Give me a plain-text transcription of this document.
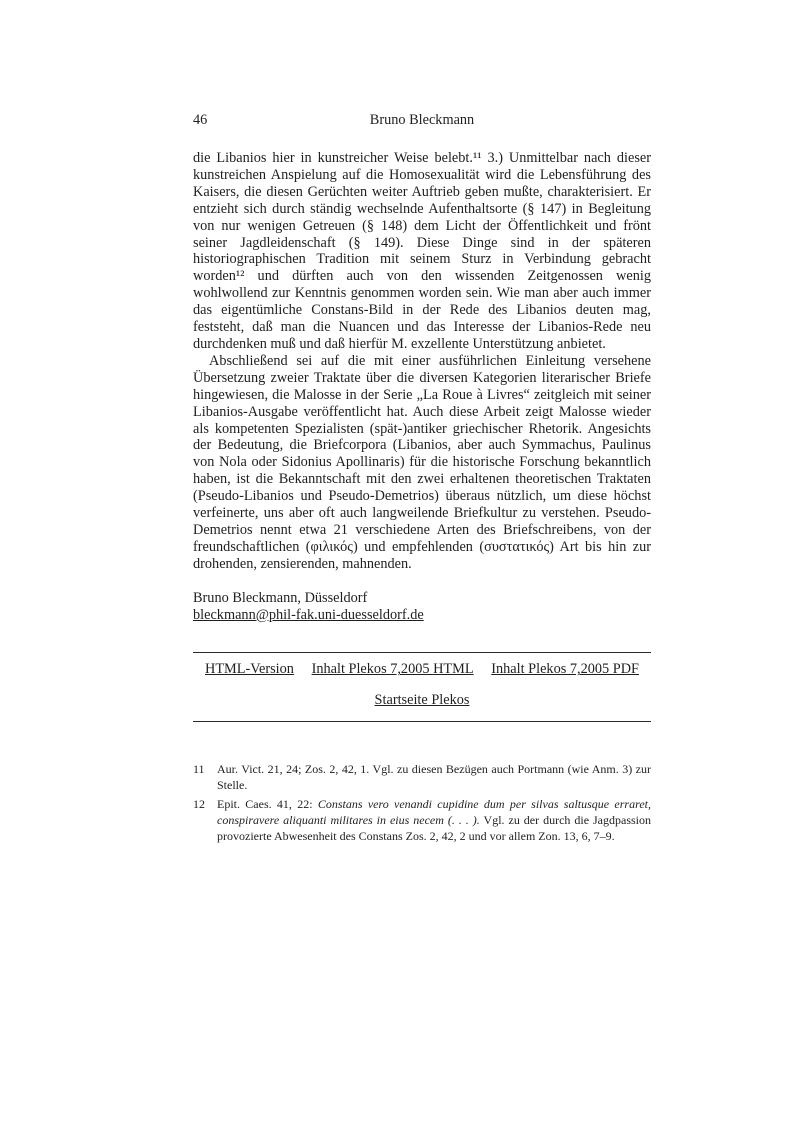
46	Bruno Bleckmann

die Libanios hier in kunstreicher Weise belebt.¹¹ 3.) Unmittelbar nach dieser kunstreichen Anspielung auf die Homosexualität wird die Lebensführung des Kaisers, die diesen Gerüchten weiter Auftrieb geben mußte, charakterisiert. Er entzieht sich durch ständig wechselnde Aufenthaltsorte (§ 147) in Begleitung von nur wenigen Getreuen (§ 148) dem Licht der Öffentlichkeit und frönt seiner Jagdleidenschaft (§ 149). Diese Dinge sind in der späteren historiographischen Tradition mit seinem Sturz in Verbindung gebracht worden¹² und dürften auch von den wissenden Zeitgenossen wenig wohlwollend zur Kenntnis genommen worden sein. Wie man aber auch immer das eigentümliche Constans-Bild in der Rede des Libanios deuten mag, feststeht, daß man die Nuancen und das Interesse der Libanios-Rede neu durchdenken muß und daß hierfür M. exzellente Unterstützung anbietet.

Abschließend sei auf die mit einer ausführlichen Einleitung versehene Übersetzung zweier Traktate über die diversen Kategorien literarischer Briefe hingewiesen, die Malosse in der Serie „La Roue à Livres“ zeitgleich mit seiner Libanios-Ausgabe veröffentlicht hat. Auch diese Arbeit zeigt Malosse wieder als kompetenten Spezialisten (spät-)antiker griechischer Rhetorik. Angesichts der Bedeutung, die Briefcorpora (Libanios, aber auch Symmachus, Paulinus von Nola oder Sidonius Apollinaris) für die historische Forschung bekanntlich haben, ist die Bekanntschaft mit den zwei erhaltenen theoretischen Traktaten (Pseudo-Libanios und Pseudo-Demetrios) überaus nützlich, um diese höchst verfeinerte, uns aber oft auch langweilende Briefkultur zu verstehen. Pseudo-Demetrios nennt etwa 21 verschiedene Arten des Briefschreibens, von der freundschaftlichen (φιλικός) und empfehlenden (συστατικός) Art bis hin zur drohenden, zensierenden, mahnenden.

Bruno Bleckmann, Düsseldorf
bleckmann@phil-fak.uni-duesseldorf.de
HTML-Version Inhalt Plekos 7,2005 HTML Inhalt Plekos 7,2005 PDF
Startseite Plekos
11	Aur. Vict. 21, 24; Zos. 2, 42, 1. Vgl. zu diesen Bezügen auch Portmann (wie Anm. 3) zur Stelle.
12	Epit. Caes. 41, 22: Constans vero venandi cupidine dum per silvas saltusque erraret, conspiravere aliquanti militares in eius necem (. . . ). Vgl. zu der durch die Jagdpassion provozierte Abwesenheit des Constans Zos. 2, 42, 2 und vor allem Zon. 13, 6, 7–9.
